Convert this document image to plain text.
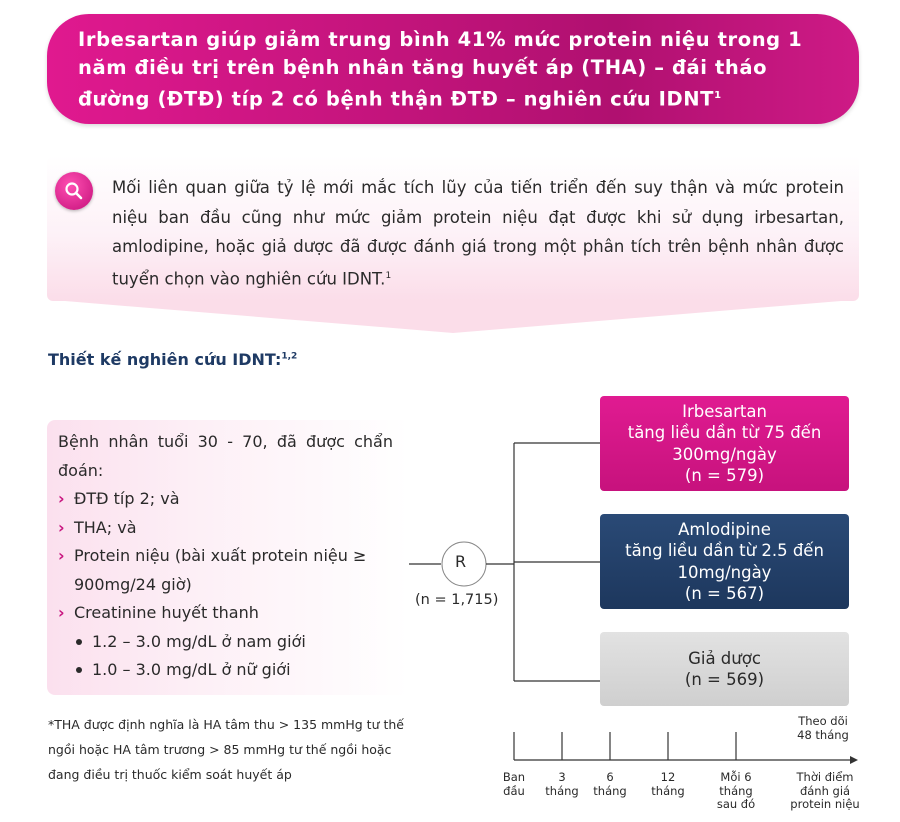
Irbesartan giúp giảm trung bình 41% mức protein niệu trong 1 năm điều trị trên bệnh nhân tăng huyết áp (THA) – đái tháo đường (ĐTĐ) típ 2 có bệnh thận ĐTĐ – nghiên cứu IDNT$^1$

Mối liên quan giữa tỷ lệ mới mắc tích lũy của tiến triển đến suy thận và mức protein niệu ban đầu cũng như mức giảm protein niệu đạt được khi sử dụng irbesartan, amlodipine, hoặc giả dược đã được đánh giá trong một phân tích trên bệnh nhân được tuyển chọn vào nghiên cứu IDNT.$^1$

Thiết kế nghiên cứu IDNT:$^{1,2}$

Bệnh nhân tuổi 30 - 70, đã được chẩn đoán:

› ĐTĐ típ 2; và

› THA; và

› Protein niệu (bài xuất protein niệu ≥ 900mg/24 giờ)

› Creatinine huyết thanh

1.2 – 3.0 mg/dL ở nam giới

1.0 – 3.0 mg/dL ở nữ giới

*THA được định nghĩa là HA tâm thu > 135 mmHg tư thế ngồi hoặc HA tâm trương > 85 mmHg tư thế ngồi hoặc đang điều trị thuốc kiểm soát huyết áp

R
(n = 1,715)
Irbesartan
tăng liều dần từ 75 đến 300mg/ngày
(n = 579)
Amlodipine
tăng liều dần từ 2.5 đến 10mg/ngày
(n = 567)
Giả dược
(n = 569)
Theo dõi
48 tháng
Ban
đầu
3
tháng
6
tháng
12
tháng
Mỗi 6
tháng
sau đó
Thời điểm
đánh giá
protein niệu
